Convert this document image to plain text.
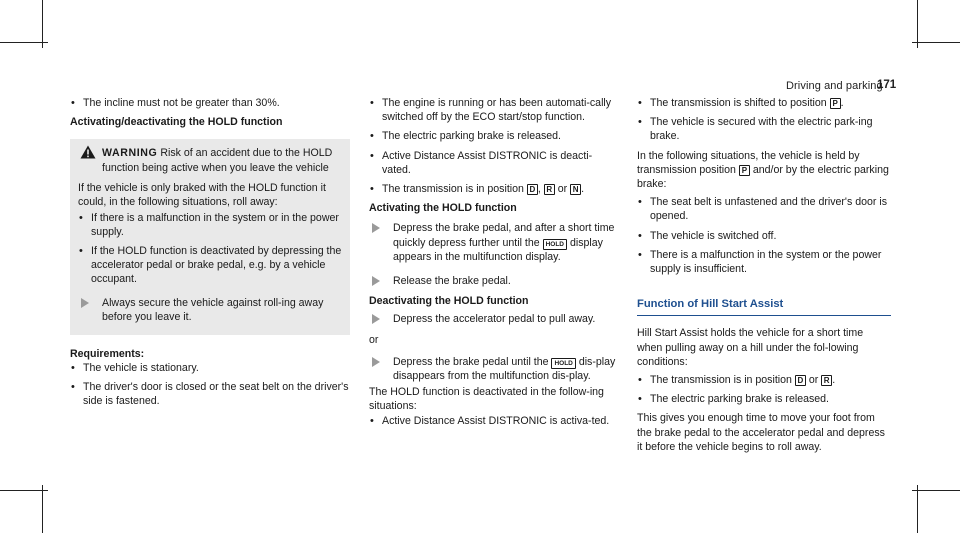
Driving and parking
171
• The incline must not be greater than 30%.

Activating/deactivating the HOLD function

WARNING Risk of an accident due to the HOLD function being active when you leave the vehicle

If the vehicle is only braked with the HOLD function it could, in the following situations, roll away:

• If there is a malfunction in the system or in the power supply.
• If the HOLD function is deactivated by depressing the accelerator pedal or brake pedal, e.g. by a vehicle occupant.
Always secure the vehicle against roll-ing away before you leave it.

Requirements:

• The vehicle is stationary.
• The driver's door is closed or the seat belt on the driver's side is fastened.
• The engine is running or has been automati-cally switched off by the ECO start/stop function.
• The electric parking brake is released.
• Active Distance Assist DISTRONIC is deacti-vated.
• The transmission is in position D , R or N .

Activating the HOLD function

Depress the brake pedal, and after a short time quickly depress further until the HOLD display appears in the multifunction display.
Release the brake pedal.

Deactivating the HOLD function

Depress the accelerator pedal to pull away.

or

Depress the brake pedal until the HOLD dis-play disappears from the multifunction dis-play.

The HOLD function is deactivated in the follow-ing situations:

• Active Distance Assist DISTRONIC is activa-ted.
• The transmission is shifted to position P .
• The vehicle is secured with the electric park-ing brake.

In the following situations, the vehicle is held by transmission position P and/or by the electric parking brake:

• The seat belt is unfastened and the driver's door is opened.
• The vehicle is switched off.
• There is a malfunction in the system or the power supply is insufficient.

Function of Hill Start Assist

Hill Start Assist holds the vehicle for a short time when pulling away on a hill under the fol-lowing conditions:

• The transmission is in position D or R .
• The electric parking brake is released.

This gives you enough time to move your foot from the brake pedal to the accelerator pedal and depress it before the vehicle begins to roll away.
